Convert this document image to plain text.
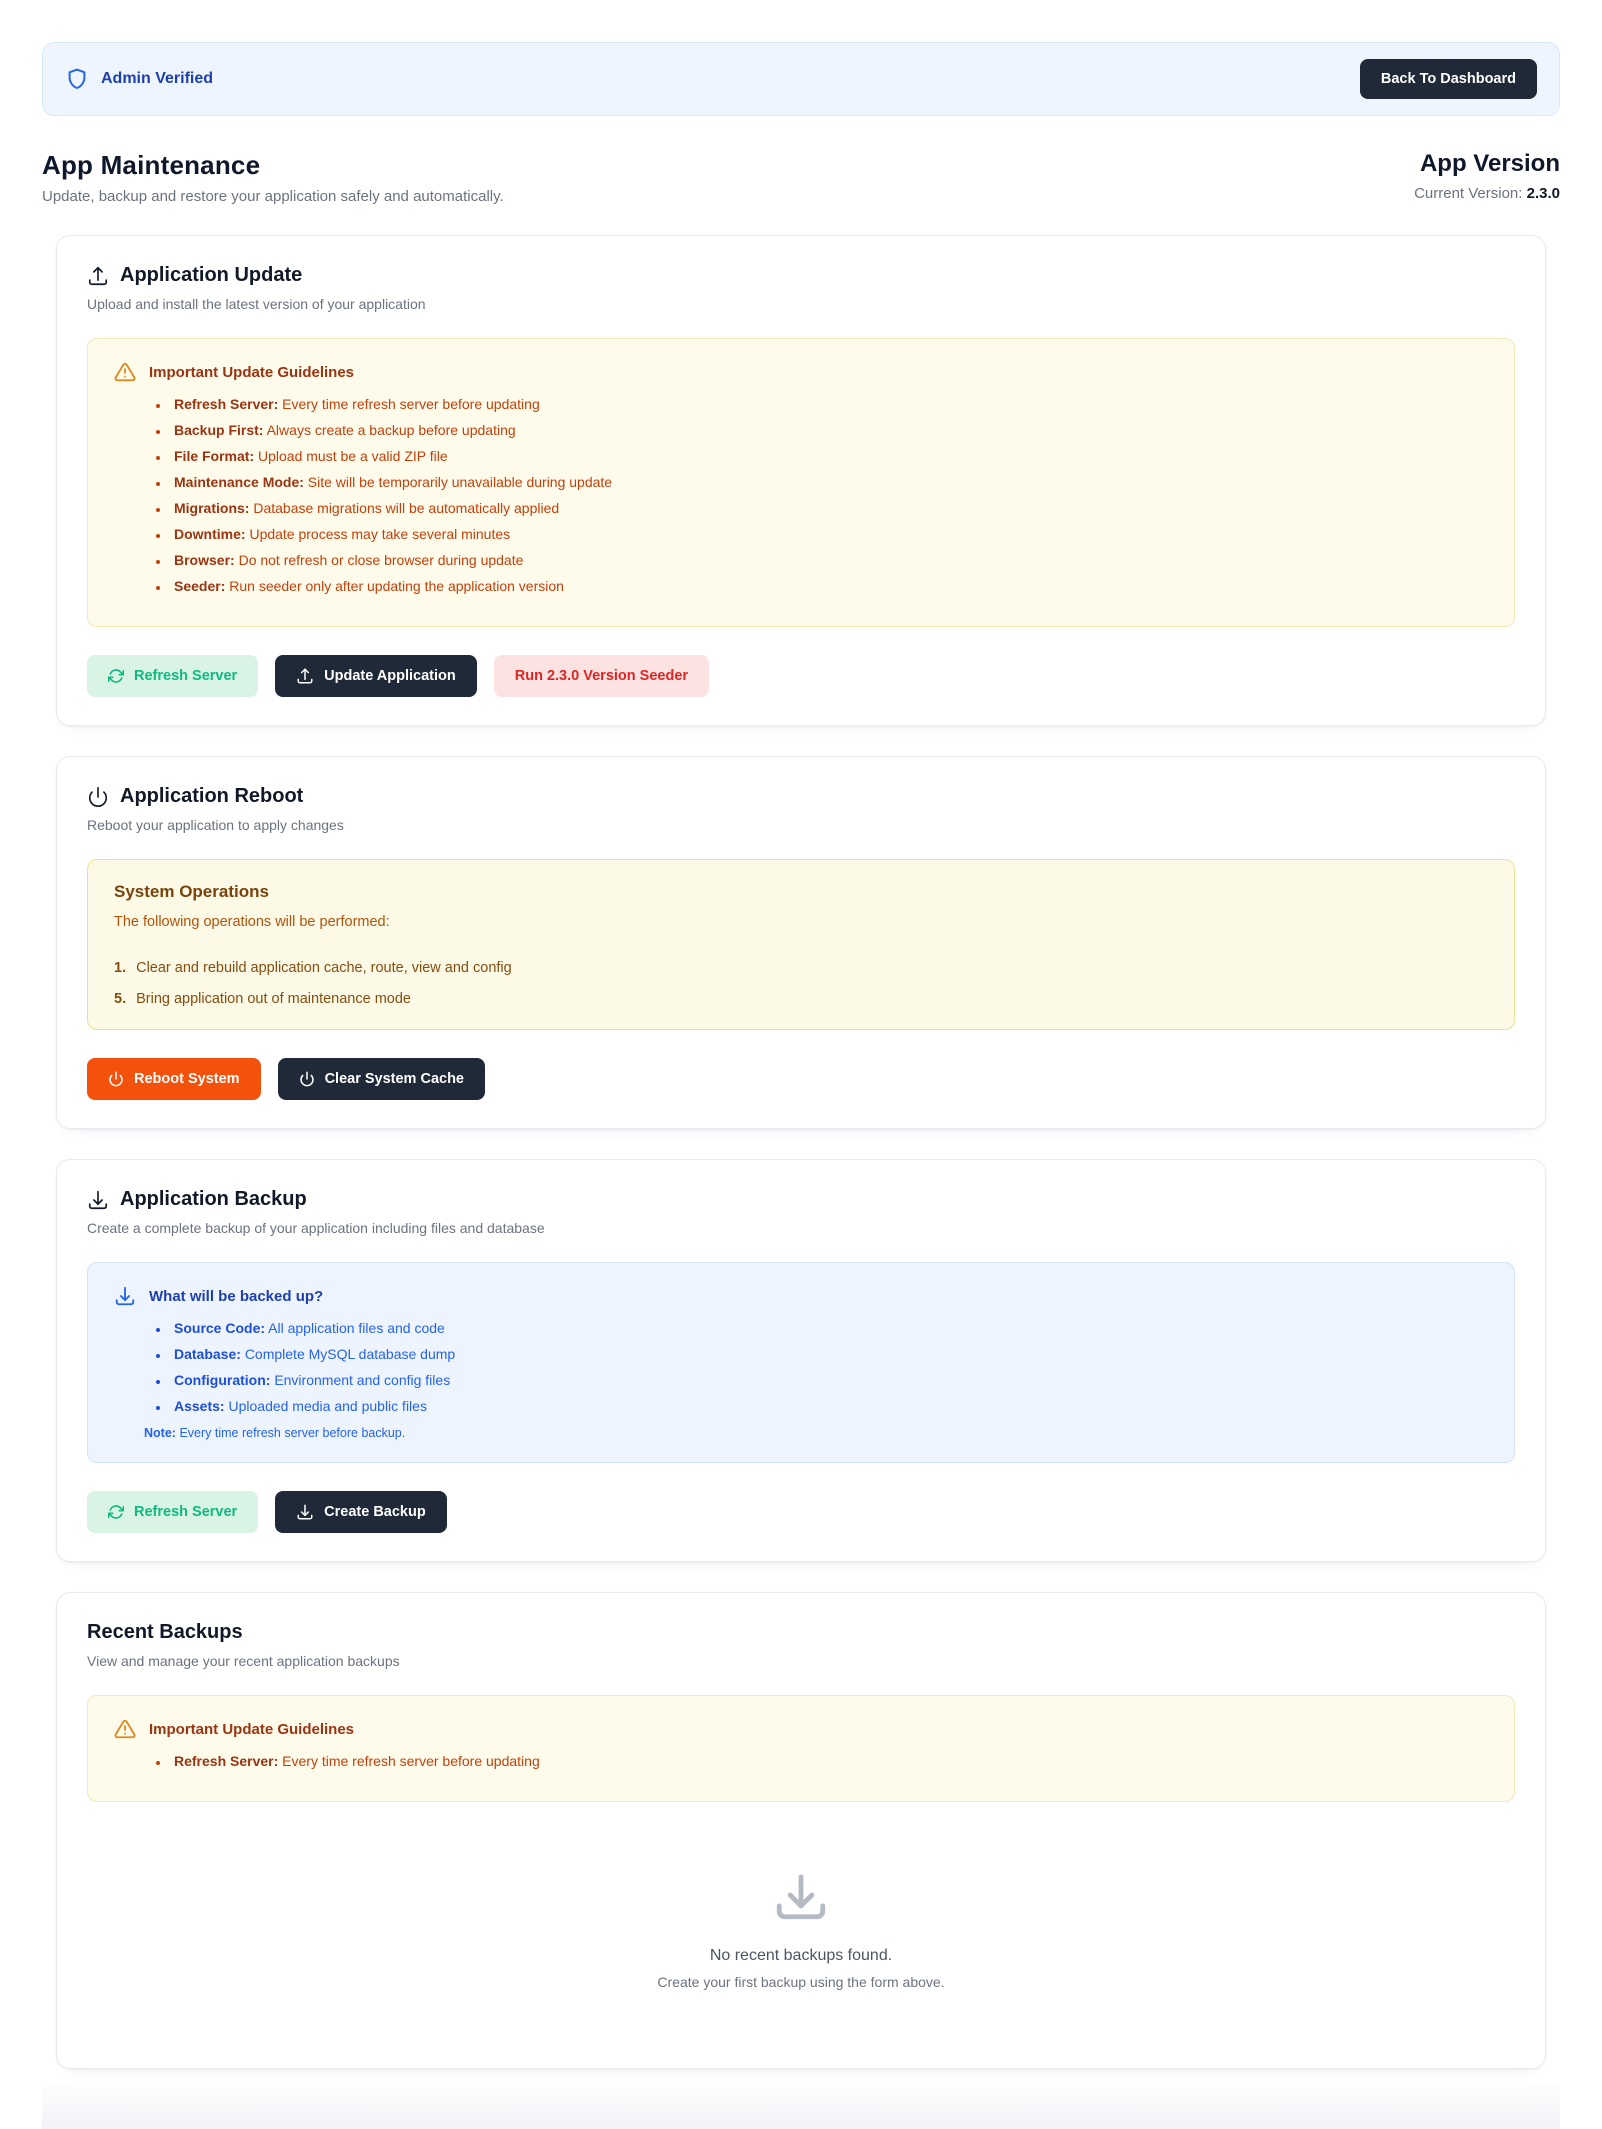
Admin Verified	Back To Dashboard
App Maintenance

Update, backup and restore your application safely and automatically.

App Version

Current Version: 2.3.0

Application Update

Upload and install the latest version of your application

Important Update Guidelines
• Refresh Server: Every time refresh server before updating
• Backup First: Always create a backup before updating
• File Format: Upload must be a valid ZIP file
• Maintenance Mode: Site will be temporarily unavailable during update
• Migrations: Database migrations will be automatically applied
• Downtime: Update process may take several minutes
• Browser: Do not refresh or close browser during update
• Seeder: Run seeder only after updating the application version
Refresh Server	Update Application	Run 2.3.0 Version Seeder
Application Reboot

Reboot your application to apply changes

System Operations

The following operations will be performed:

1. Clear and rebuild application cache, route, view and config
5. Bring application out of maintenance mode
Reboot System	Clear System Cache
Application Backup

Create a complete backup of your application including files and database

What will be backed up?
• Source Code: All application files and code
• Database: Complete MySQL database dump
• Configuration: Environment and config files
• Assets: Uploaded media and public files

Note: Every time refresh server before backup.

Refresh Server	Create Backup
Recent Backups

View and manage your recent application backups

Important Update Guidelines
• Refresh Server: Every time refresh server before updating

No recent backups found.

Create your first backup using the form above.
